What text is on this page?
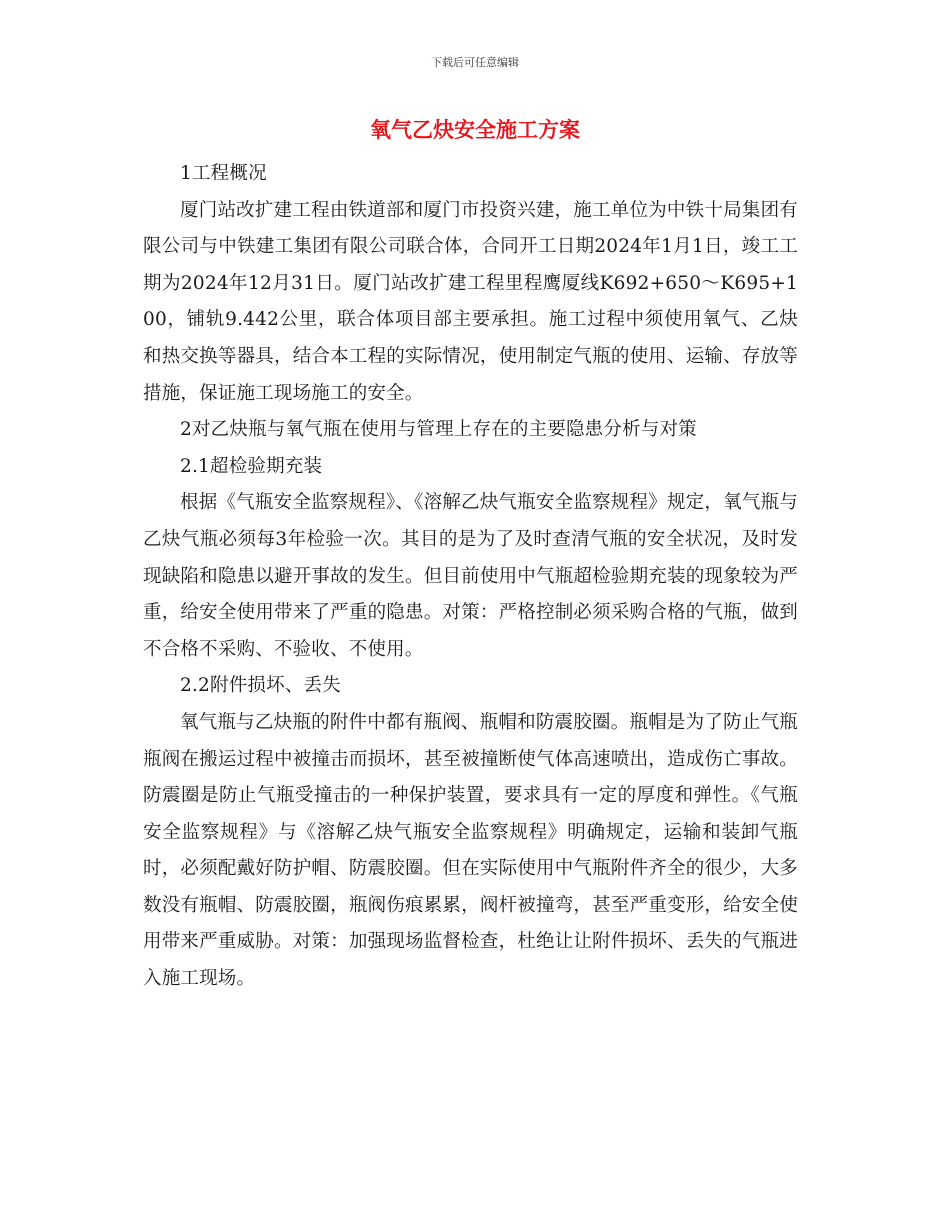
下载后可任意编辑
氧气乙炔安全施工方案

1工程概况

厦门站改扩建工程由铁道部和厦门市投资兴建，施工单位为中铁十局集团有限公司与中铁建工集团有限公司联合体，合同开工日期2024年1月1日，竣工工期为2024年12月31日。厦门站改扩建工程里程鹰厦线K692+650～K695+100，铺轨9.442公里，联合体项目部主要承担。施工过程中须使用氧气、乙炔和热交换等器具，结合本工程的实际情况，使用制定气瓶的使用、运输、存放等措施，保证施工现场施工的安全。

2对乙炔瓶与氧气瓶在使用与管理上存在的主要隐患分析与对策

2.1超检验期充装

根据《气瓶安全监察规程》、《溶解乙炔气瓶安全监察规程》规定，氧气瓶与乙炔气瓶必须每3年检验一次。其目的是为了及时查清气瓶的安全状况，及时发现缺陷和隐患以避开事故的发生。但目前使用中气瓶超检验期充装的现象较为严重，给安全使用带来了严重的隐患。对策：严格控制必须采购合格的气瓶，做到不合格不采购、不验收、不使用。

2.2附件损坏、丢失

氧气瓶与乙炔瓶的附件中都有瓶阀、瓶帽和防震胶圈。瓶帽是为了防止气瓶瓶阀在搬运过程中被撞击而损坏，甚至被撞断使气体高速喷出，造成伤亡事故。防震圈是防止气瓶受撞击的一种保护装置，要求具有一定的厚度和弹性。《气瓶安全监察规程》与《溶解乙炔气瓶安全监察规程》明确规定，运输和装卸气瓶时，必须配戴好防护帽、防震胶圈。但在实际使用中气瓶附件齐全的很少，大多数没有瓶帽、防震胶圈，瓶阀伤痕累累，阀杆被撞弯，甚至严重变形，给安全使用带来严重威胁。对策：加强现场监督检查，杜绝让让附件损坏、丢失的气瓶进入施工现场。
